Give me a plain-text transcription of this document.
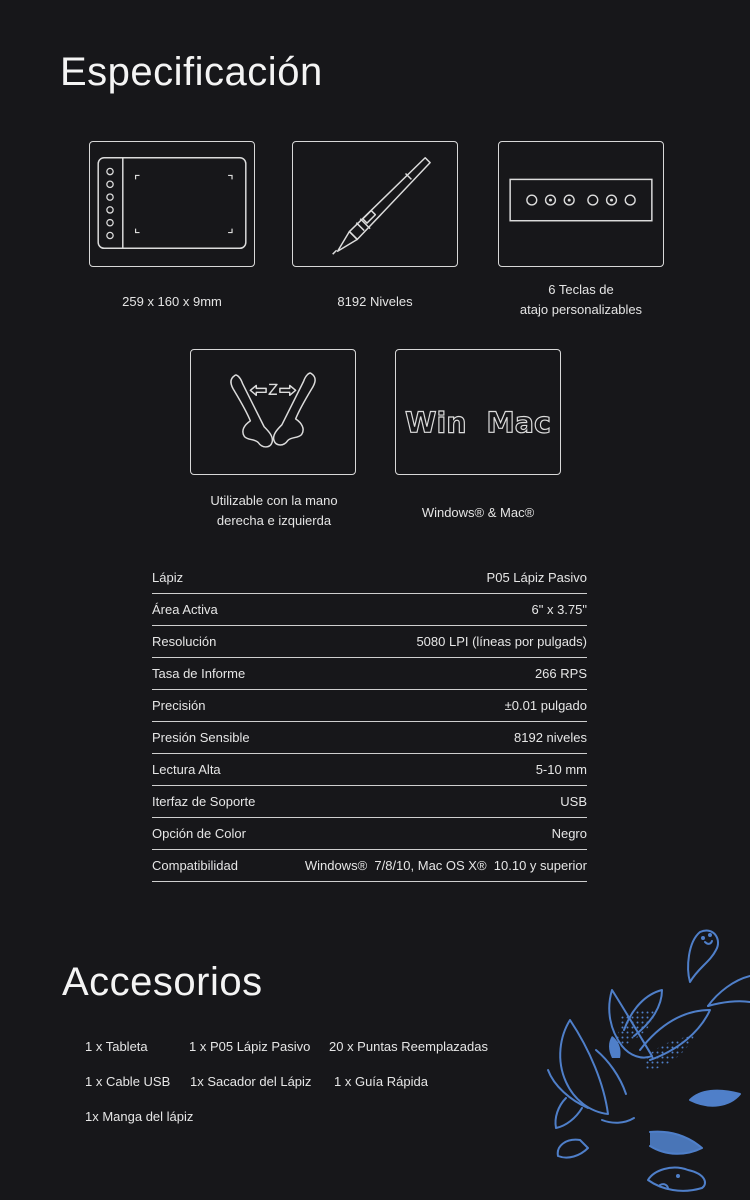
Especificación
259 x 160 x 9mm	8192 Niveles
6 Teclas de
atajo personalizables
Utilizable con la mano
derecha e izquierda
Win  Mac
Windows® & Mac®
Lápiz	P05 Lápiz Pasivo
Área Activa	6" x 3.75"
Resolución	5080 LPI (líneas por pulgads)
Tasa de Informe	266 RPS
Precisión	±0.01 pulgado
Presión Sensible	8192 niveles
Lectura Alta	5-10 mm
Iterfaz de Soporte	USB
Opción de Color	Negro
Compatibilidad	Windows®  7/8/10, Mac OS X®  10.10 y superior
Accesorios
1 x Tableta	1 x P05 Lápiz Pasivo 20 x Puntas Reemplazadas
1 x Cable USB 1x Sacador del Lápiz 1 x Guía Rápida
1x Manga del lápiz
